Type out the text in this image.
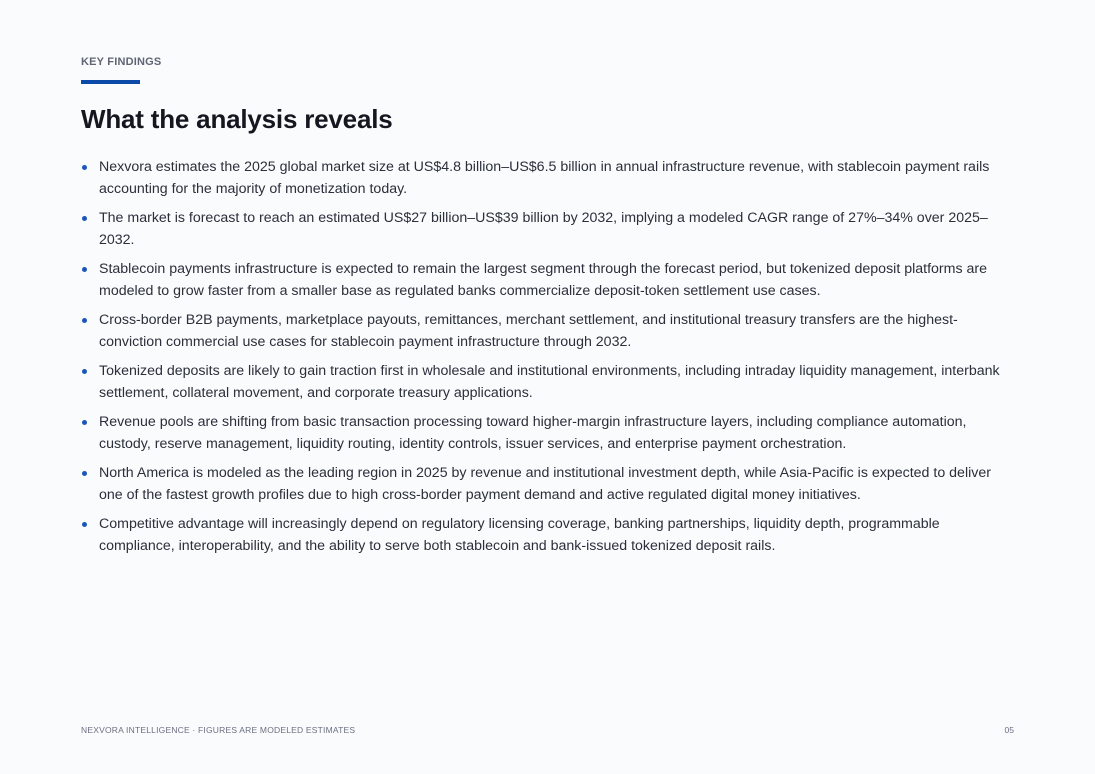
KEY FINDINGS
What the analysis reveals
Nexvora estimates the 2025 global market size at US$4.8 billion–US$6.5 billion in annual infrastructure revenue, with stablecoin payment rails accounting for the majority of monetization today.
The market is forecast to reach an estimated US$27 billion–US$39 billion by 2032, implying a modeled CAGR range of 27%–34% over 2025–2032.
Stablecoin payments infrastructure is expected to remain the largest segment through the forecast period, but tokenized deposit platforms are modeled to grow faster from a smaller base as regulated banks commercialize deposit-token settlement use cases.
Cross-border B2B payments, marketplace payouts, remittances, merchant settlement, and institutional treasury transfers are the highest-conviction commercial use cases for stablecoin payment infrastructure through 2032.
Tokenized deposits are likely to gain traction first in wholesale and institutional environments, including intraday liquidity management, interbank settlement, collateral movement, and corporate treasury applications.
Revenue pools are shifting from basic transaction processing toward higher-margin infrastructure layers, including compliance automation, custody, reserve management, liquidity routing, identity controls, issuer services, and enterprise payment orchestration.
North America is modeled as the leading region in 2025 by revenue and institutional investment depth, while Asia-Pacific is expected to deliver one of the fastest growth profiles due to high cross-border payment demand and active regulated digital money initiatives.
Competitive advantage will increasingly depend on regulatory licensing coverage, banking partnerships, liquidity depth, programmable compliance, interoperability, and the ability to serve both stablecoin and bank-issued tokenized deposit rails.
NEXVORA INTELLIGENCE · FIGURES ARE MODELED ESTIMATES	05
